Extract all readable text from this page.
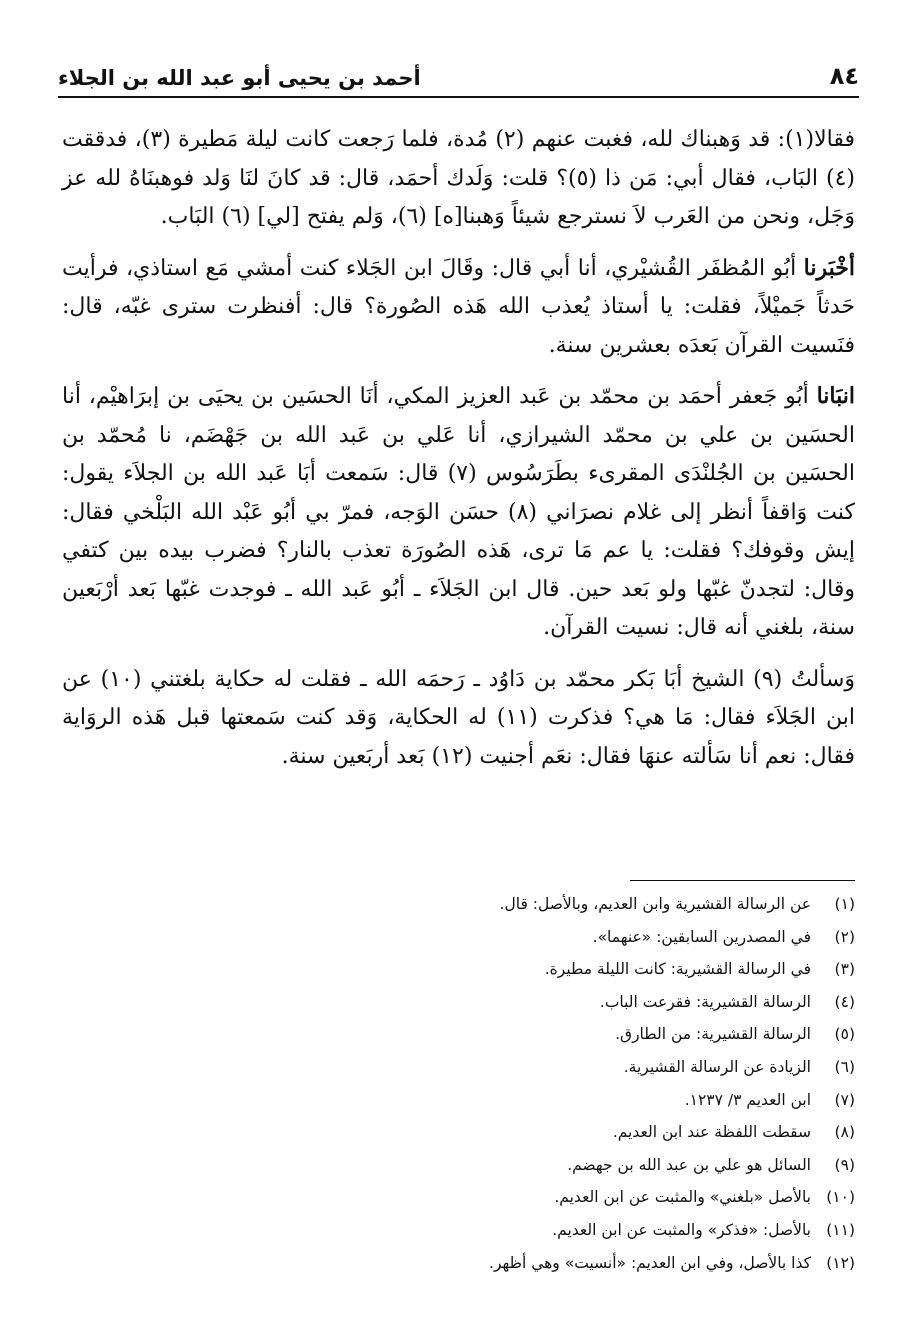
٨٤
أحمد بن يحيى أبو عبد الله بن الجلاء

فقالا(١): قد وَهبناك لله، فغبت عنهم (٢) مُدة، فلما رَجعت كانت ليلة مَطيرة (٣)، فدققت (٤) البَاب، فقال أبي: مَن ذا (٥)؟ قلت: وَلَدك أحمَد، قال: قد كانَ لنَا وَلد فوهبنَاهُ لله عز وَجَل، ونحن من العَرب لاَ نسترجع شيئاً وَهبنا[ه] (٦)، وَلم يفتح [لي] (٦) البَاب.

أخْبَرنا أبُو المُظفَر القُشيْري، أنا أبي قال: وقَالَ ابن الجَلاء كنت أمشي مَع استاذي، فرأيت حَدثاً جَميْلاً، فقلت: يا أستاذ يُعذب الله هَذه الصُورة؟ قال: أفنظرت سترى غبّه، قال: فنَسيت القرآن بَعدَه بعشرين سنة.

انبَانا أبُو جَعفر أحمَد بن محمّد بن عَبد العزيز المكي، أنَا الحسَين بن يحيَى بن إبرَاهيْم، أنا الحسَين بن علي بن محمّد الشيرازي، أنا عَلي بن عَبد الله بن جَهْضَم، نا مُحمّد بن الحسَين بن الجُلنْدَى المقرىء بطَرَسُوس (٧) قال: سَمعت أبَا عَبد الله بن الجلاَء يقول: كنت وَاقفاً أنظر إلى غلام نصرَاني (٨) حسَن الوَجه، فمرّ بي أبُو عَبْد الله البَلْخي فقال: إيش وقوفك؟ فقلت: يا عم مَا ترى، هَذه الصُورَة تعذب بالنار؟ فضرب بيده بين كتفي وقال: لتجدنّ غبّها ولو بَعد حين. قال ابن الجَلاَء ـ أبُو عَبد الله ـ فوجدت غبّها بَعد أرْبَعين سنة، بلغني أنه قال: نسيت القرآن.

وَسألتُ (٩) الشيخ أبَا بَكر محمّد بن دَاوُد ـ رَحمَه الله ـ فقلت له حكاية بلغتني (١٠) عن ابن الجَلاَء فقال: مَا هي؟ فذكرت (١١) له الحكاية، وَقد كنت سَمعتها قبل هَذه الروَاية فقال: نعم أنا سَألته عنهَا فقال: نعَم أجنيت (١٢) بَعد أربَعين سنة.

(١)
عن الرسالة القشيرية وابن العديم، وبالأصل: قال.
(٢)
في المصدرين السابقين: «عنهما».
(٣)
في الرسالة القشيرية: كانت الليلة مطيرة.
(٤)
الرسالة القشيرية: فقرعت الباب.
(٥)
الرسالة القشيرية: من الطارق.
(٦)
الزيادة عن الرسالة القشيرية.
(٧)
ابن العديم ٣/ ١٢٣٧.
(٨)
سقطت اللفظة عند ابن العديم.
(٩)
السائل هو علي بن عبد الله بن جهضم.
(١٠)
بالأصل «بلغني» والمثبت عن ابن العديم.
(١١)
بالأصل: «فذكر» والمثبت عن ابن العديم.
(١٢)
كذا بالأصل، وفي ابن العديم: «أنسيت» وهي أظهر.
